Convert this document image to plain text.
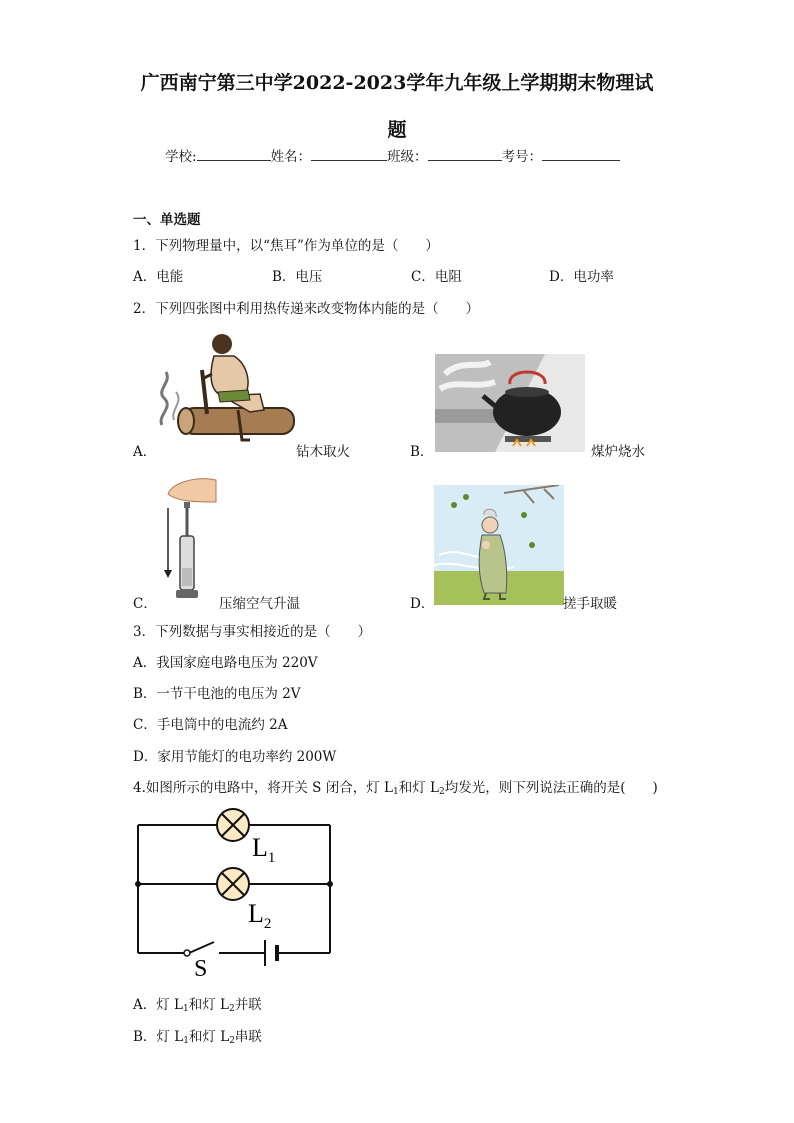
广西南宁第三中学2022-2023学年九年级上学期期末物理试
题
学校:	姓名：	班级：	考号：
一、单选题
1．下列物理量中，以“焦耳”作为单位的是（　　）
A．电能	B．电压	C．电阻	D．电功率
2．下列四张图中利用热传递来改变物体内能的是（　　）
A．	钻木取火	B．	煤炉烧水
C．	压缩空气升温	D．	搓手取暖
3．下列数据与事实相接近的是（　　）
A．我国家庭电路电压为 220V
B．一节干电池的电压为 2V
C．手电筒中的电流约 2A
D．家用节能灯的电功率约 200W
4.如图所示的电路中，将开关 S 闭合，灯 $L_1$和灯 $L_2$均发光，则下列说法正确的是(　　)
$L_1$
$L_2$
S
A．灯 $L_1$和灯 $L_2$并联
B．灯 $L_1$和灯 $L_2$串联
